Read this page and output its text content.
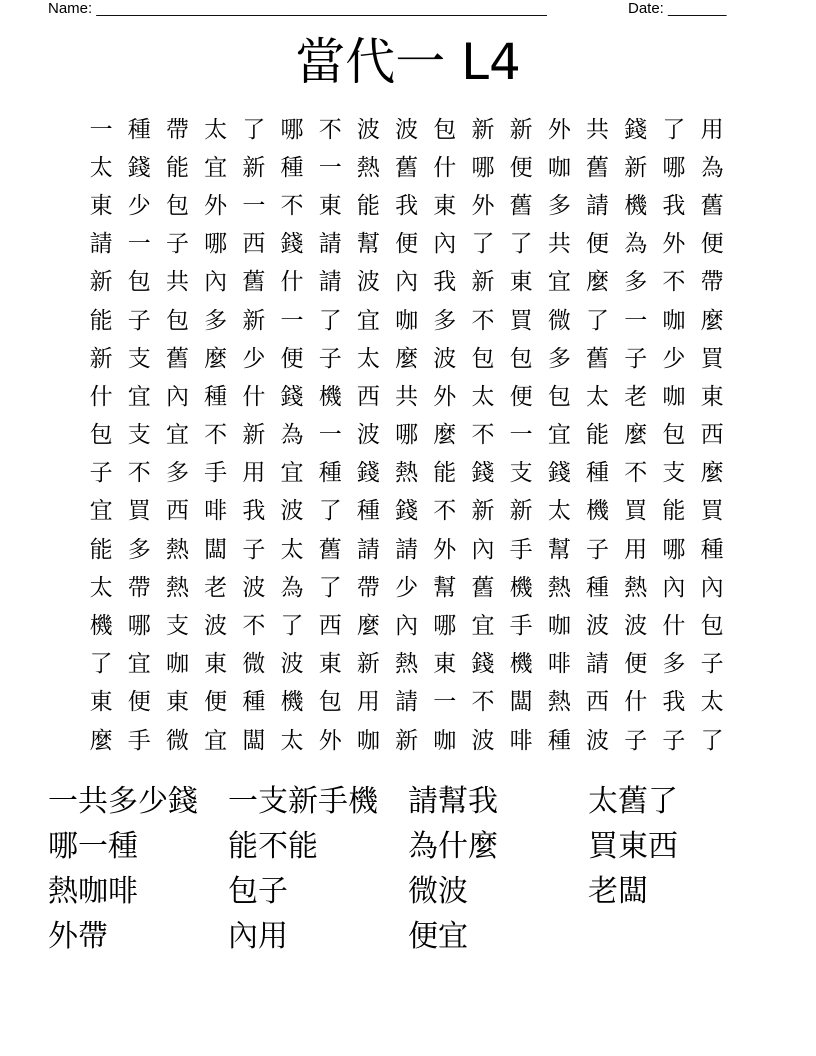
Name: ______________________________________________________	Date: _______
當代一 L4
一 種 帶 太 了 哪 不 波 波 包 新 新 外 共 錢 了 用
太 錢 能 宜 新 種 一 熱 舊 什 哪 便 咖 舊 新 哪 為
東 少 包 外 一 不 東 能 我 東 外 舊 多 請 機 我 舊
請 一 子 哪 西 錢 請 幫 便 內 了 了 共 便 為 外 便
新 包 共 內 舊 什 請 波 內 我 新 東 宜 麼 多 不 帶
能 子 包 多 新 一 了 宜 咖 多 不 買 微 了 一 咖 麼
新 支 舊 麼 少 便 子 太 麼 波 包 包 多 舊 子 少 買
什 宜 內 種 什 錢 機 西 共 外 太 便 包 太 老 咖 東
包 支 宜 不 新 為 一 波 哪 麼 不 一 宜 能 麼 包 西
子 不 多 手 用 宜 種 錢 熱 能 錢 支 錢 種 不 支 麼
宜 買 西 啡 我 波 了 種 錢 不 新 新 太 機 買 能 買
能 多 熱 闆 子 太 舊 請 請 外 內 手 幫 子 用 哪 種
太 帶 熱 老 波 為 了 帶 少 幫 舊 機 熱 種 熱 內 內
機 哪 支 波 不 了 西 麼 內 哪 宜 手 咖 波 波 什 包
了 宜 咖 東 微 波 東 新 熱 東 錢 機 啡 請 便 多 子
東 便 東 便 種 機 包 用 請 一 不 闆 熱 西 什 我 太
麼 手 微 宜 闆 太 外 咖 新 咖 波 啡 種 波 子 子 了
一共多少錢	一支新手機	請幫我	太舊了
哪一種	能不能	為什麼	買東西
熱咖啡	包子	微波	老闆
外帶	內用	便宜
